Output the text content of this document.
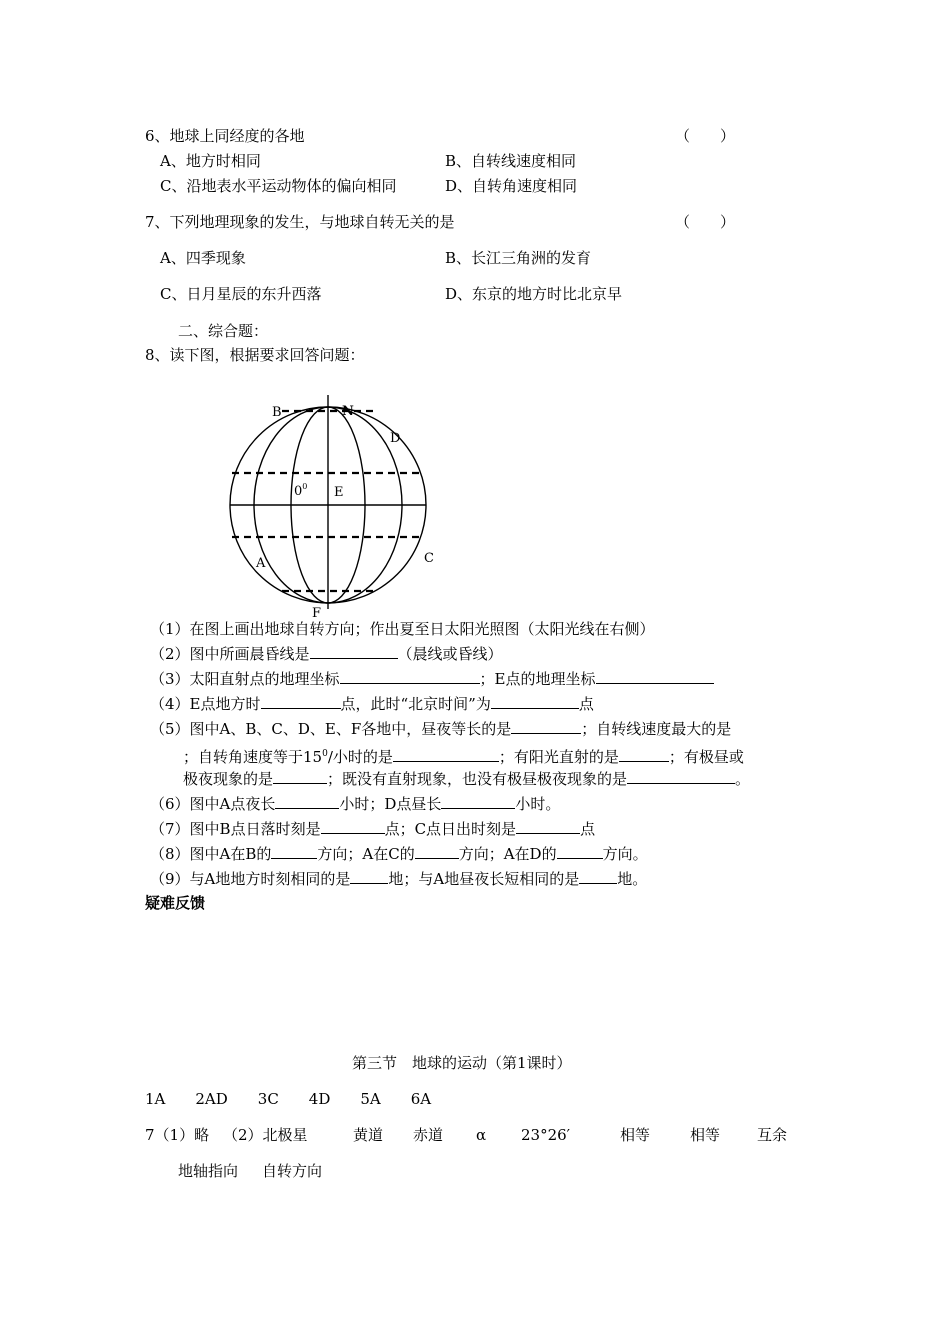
6、地球上同经度的各地	（　　）
A、地方时相同	B、自转线速度相同
C、沿地表水平运动物体的偏向相同	D、自转角速度相同
7、下列地理现象的发生，与地球自转无关的是	（　　）
A、四季现象	B、长江三角洲的发育
C、日月星辰的东升西落	D、东京的地方时比北京早
二、综合题：
8、读下图，根据要求回答问题：
B	N
D
$0^0$ E
A	C
F
（1）在图上画出地球自转方向；作出夏至日太阳光照图（太阳光线在右侧）
（2）图中所画晨昏线是	（晨线或昏线）
（3）太阳直射点的地理坐标	；E点的地理坐标
（4）E点地方时	点，此时“北京时间”为	点
（5）图中A、B、C、D、E、F各地中，昼夜等长的是	；自转线速度最大的是
；自转角速度等于$15^0/$小时的是	；有阳光直射的是	；有极昼或
极夜现象的是	；既没有直射现象，也没有极昼极夜现象的是	。
（6）图中A点夜长	小时；D点昼长	小时。
（7）图中B点日落时刻是	点；C点日出时刻是	点
（8）图中A在B的	方向；A在C的	方向；A在D的	方向。
（9）与A地地方时刻相同的是	地；与A地昼夜长短相同的是	地。
疑难反馈
第三节　地球的运动（第1课时）
1A　　2AD　　3C　　4D　　5A　　6A
7（1）略 （2）北极星	黄道 赤道 α 23°26′	相等	相等 互余
地轴指向 自转方向
